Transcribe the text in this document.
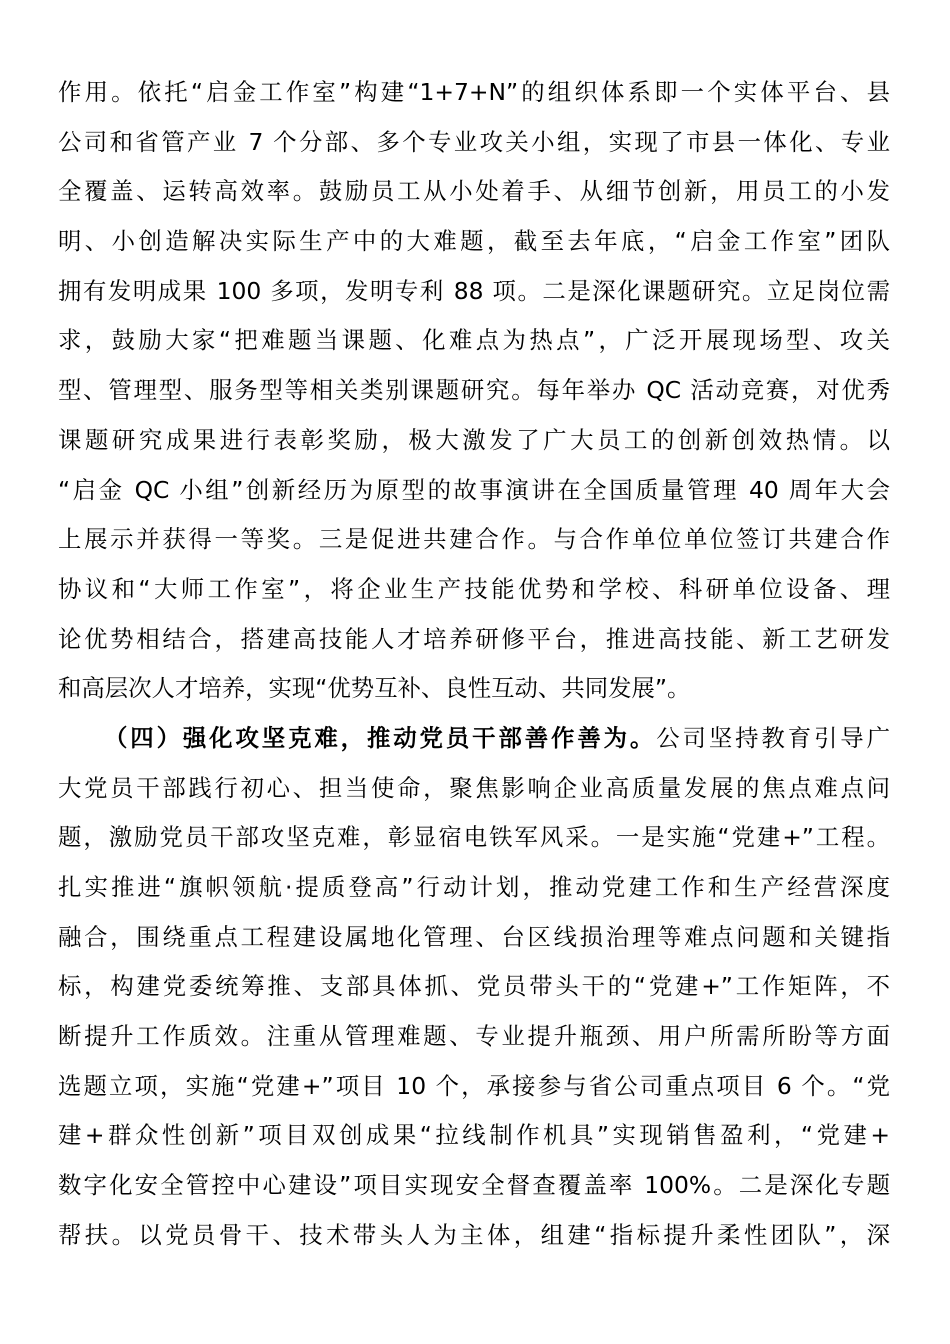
作用。依托“启金工作室”构建“1+7+N”的组织体系即一个实体平台、县
公司和省管产业 7 个分部、多个专业攻关小组，实现了市县一体化、专业
全覆盖、运转高效率。鼓励员工从小处着手、从细节创新，用员工的小发
明、小创造解决实际生产中的大难题，截至去年底，“启金工作室”团队
拥有发明成果 100 多项，发明专利 88 项。二是深化课题研究。立足岗位需
求，鼓励大家“把难题当课题、化难点为热点”，广泛开展现场型、攻关
型、管理型、服务型等相关类别课题研究。每年举办 QC 活动竞赛，对优秀
课题研究成果进行表彰奖励，极大激发了广大员工的创新创效热情。以
“启金 QC 小组”创新经历为原型的故事演讲在全国质量管理 40 周年大会
上展示并获得一等奖。三是促进共建合作。与合作单位单位签订共建合作
协议和“大师工作室”，将企业生产技能优势和学校、科研单位设备、理
论优势相结合，搭建高技能人才培养研修平台，推进高技能、新工艺研发
和高层次人才培养，实现“优势互补、良性互动、共同发展”。
（四）强化攻坚克难，推动党员干部善作善为。公司坚持教育引导广
大党员干部践行初心、担当使命，聚焦影响企业高质量发展的焦点难点问
题，激励党员干部攻坚克难，彰显宿电铁军风采。一是实施“党建+”工程。
扎实推进“旗帜领航·提质登高”行动计划，推动党建工作和生产经营深度
融合，围绕重点工程建设属地化管理、台区线损治理等难点问题和关键指
标，构建党委统筹推、支部具体抓、党员带头干的“党建+”工作矩阵，不
断提升工作质效。注重从管理难题、专业提升瓶颈、用户所需所盼等方面
选题立项，实施“党建+”项目 10 个，承接参与省公司重点项目 6 个。“党
建+群众性创新”项目双创成果“拉线制作机具”实现销售盈利，“党建+
数字化安全管控中心建设”项目实现安全督查覆盖率 100%。二是深化专题
帮扶。以党员骨干、技术带头人为主体，组建“指标提升柔性团队”，深
